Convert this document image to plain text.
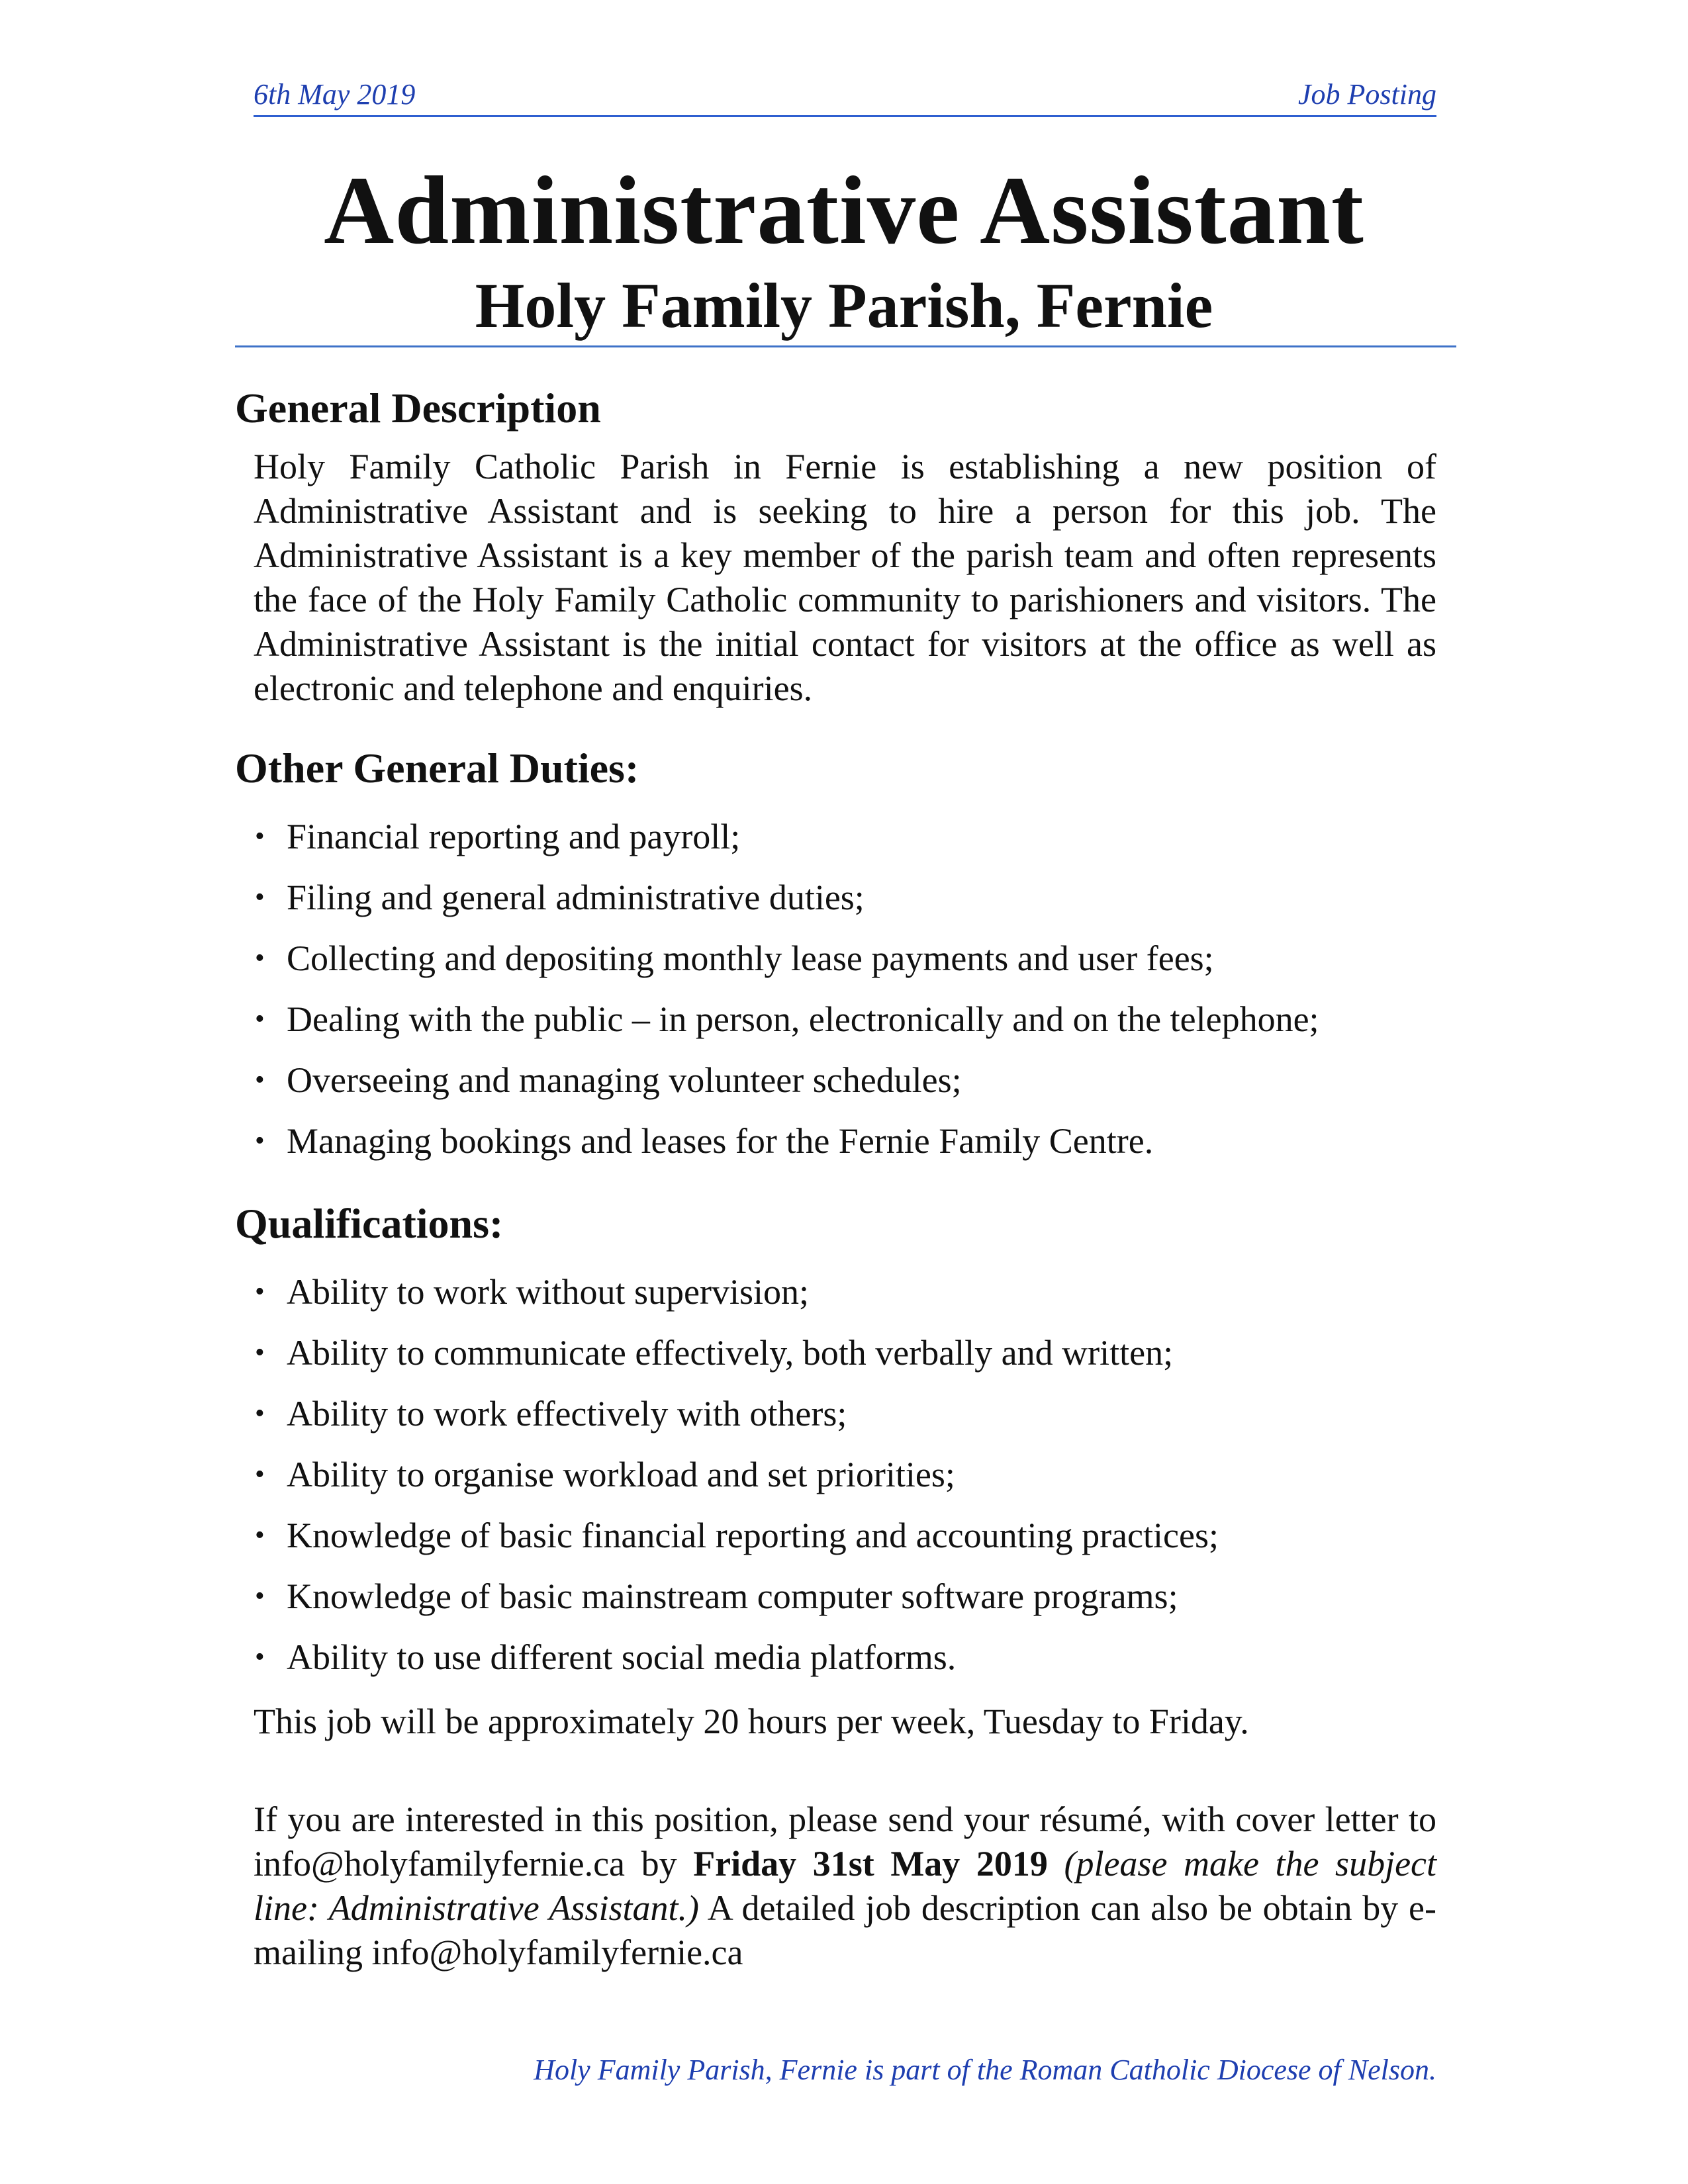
6th May 2019	Job Posting
Administrative Assistant
Holy Family Parish, Fernie
General Description

Holy Family Catholic Parish in Fernie is establishing a new position of Administrative Assistant and is seeking to hire a person for this job. The Administrative Assistant is a key member of the parish team and often represents the face of the Holy Family Catholic community to parishioners and visitors. The Administrative Assistant is the initial contact for visitors at the office as well as electronic and telephone and enquiries.

Other General Duties:
• Financial reporting and payroll;
• Filing and general administrative duties;
• Collecting and depositing monthly lease payments and user fees;
• Dealing with the public – in person, electronically and on the telephone;
• Overseeing and managing volunteer schedules;
• Managing bookings and leases for the Fernie Family Centre.
Qualifications:
• Ability to work without supervision;
• Ability to communicate effectively, both verbally and written;
• Ability to work effectively with others;
• Ability to organise workload and set priorities;
• Knowledge of basic financial reporting and accounting practices;
• Knowledge of basic mainstream computer software programs;
• Ability to use different social media platforms.

This job will be approximately 20 hours per week, Tuesday to Friday.

If you are interested in this position, please send your résumé, with cover letter to info@holyfamilyfernie.ca by Friday 31st May 2019 (please make the subject line: Administrative Assistant.) A detailed job description can also be obtain by e-mailing info@holyfamilyfernie.ca

Holy Family Parish, Fernie is part of the Roman Catholic Diocese of Nelson.
